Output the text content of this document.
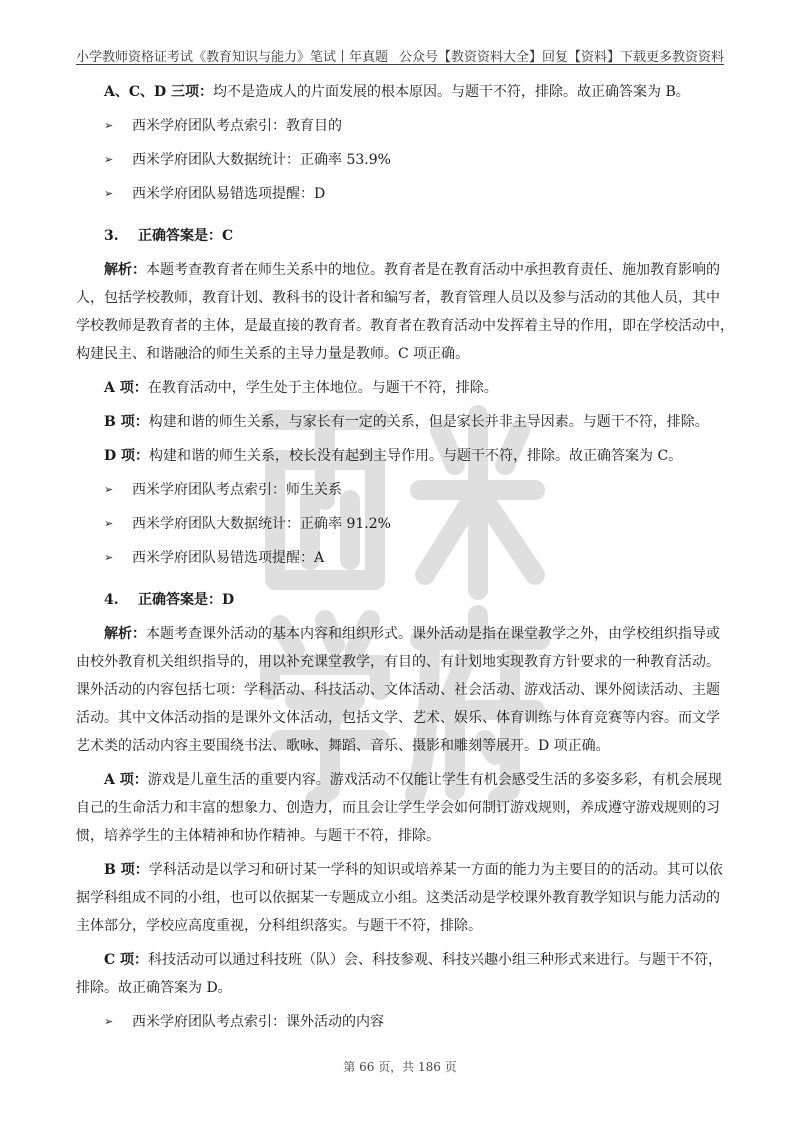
小学教师资格证考试《教育知识与能力》笔试丨年真题 公众号【教资资料大全】回复【资料】下载更多教资资料

A、C、D 三项：均不是造成人的片面发展的根本原因。与题干不符，排除。故正确答案为 B。

➢ 西米学府团队考点索引：教育目的

➢ 西米学府团队大数据统计：正确率 53.9%

➢ 西米学府团队易错选项提醒：D

3. 正确答案是：C

解析：本题考查教育者在师生关系中的地位。教育者是在教育活动中承担教育责任、施加教育影响的

人，包括学校教师，教育计划、教科书的设计者和编写者，教育管理人员以及参与活动的其他人员，其中

学校教师是教育者的主体，是最直接的教育者。教育者在教育活动中发挥着主导的作用，即在学校活动中，

构建民主、和谐融洽的师生关系的主导力量是教师。C 项正确。

A 项：在教育活动中，学生处于主体地位。与题干不符，排除。

B 项：构建和谐的师生关系，与家长有一定的关系，但是家长并非主导因素。与题干不符，排除。

D 项：构建和谐的师生关系，校长没有起到主导作用。与题干不符，排除。故正确答案为 C。

➢ 西米学府团队考点索引：师生关系

➢ 西米学府团队大数据统计：正确率 91.2%

➢ 西米学府团队易错选项提醒：A

4. 正确答案是：D

解析：本题考查课外活动的基本内容和组织形式。课外活动是指在课堂教学之外，由学校组织指导或

由校外教育机关组织指导的，用以补充课堂教学，有目的、有计划地实现教育方针要求的一种教育活动。

课外活动的内容包括七项：学科活动、科技活动、文体活动、社会活动、游戏活动、课外阅读活动、主题

活动。其中文体活动指的是课外文体活动，包括文学、艺术、娱乐、体育训练与体育竞赛等内容。而文学

艺术类的活动内容主要围绕书法、歌咏、舞蹈、音乐、摄影和雕刻等展开。D 项正确。

A 项：游戏是儿童生活的重要内容。游戏活动不仅能让学生有机会感受生活的多姿多彩，有机会展现

自己的生命活力和丰富的想象力、创造力，而且会让学生学会如何制订游戏规则，养成遵守游戏规则的习

惯，培养学生的主体精神和协作精神。与题干不符，排除。

B 项：学科活动是以学习和研讨某一学科的知识或培养某一方面的能力为主要目的的活动。其可以依

据学科组成不同的小组，也可以依据某一专题成立小组。这类活动是学校课外教育教学知识与能力活动的

主体部分，学校应高度重视，分科组织落实。与题干不符，排除。

C 项：科技活动可以通过科技班（队）会、科技参观、科技兴趣小组三种形式来进行。与题干不符，

排除。故正确答案为 D。

➢ 西米学府团队考点索引：课外活动的内容

第 66 页，共 186 页
